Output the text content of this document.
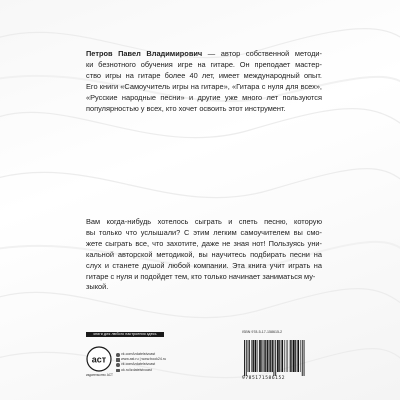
Петров Павел Владимирович — автор собственной методи-
ки безнотного обучения игре на гитаре. Он преподает мастер-
ство игры на гитаре более 40 лет, имеет международный опыт.
Его книги «Самоучитель игры на гитаре», «Гитара с нуля для всех»,
«Русские народные песни» и другие уже много лет пользуются
популярностью у всех, кто хочет освоить этот инструмент.
Вам когда-нибудь хотелось сыграть и спеть песню, которую
вы только что услышали? С этим легким самоучителем вы смо-
жете сыграть все, что захотите, даже не зная нот! Пользуясь уни-
кальной авторской методикой, вы научитесь подбирать песни на
слух и станете душой любой компании. Эта книга учит играть на
гитаре с нуля и подойдет тем, кто только начинает заниматься му-
зыкой.
книги для любого настроения здесь
aст
издательство АСТ
vk.com/izdatelstvoast
www.ast.ru | www.book24.ru
vk.com/izdatelstvoast
ok.ru/izdatelstvoast
ISBN 978-5-17-158615-2
9785171586152
